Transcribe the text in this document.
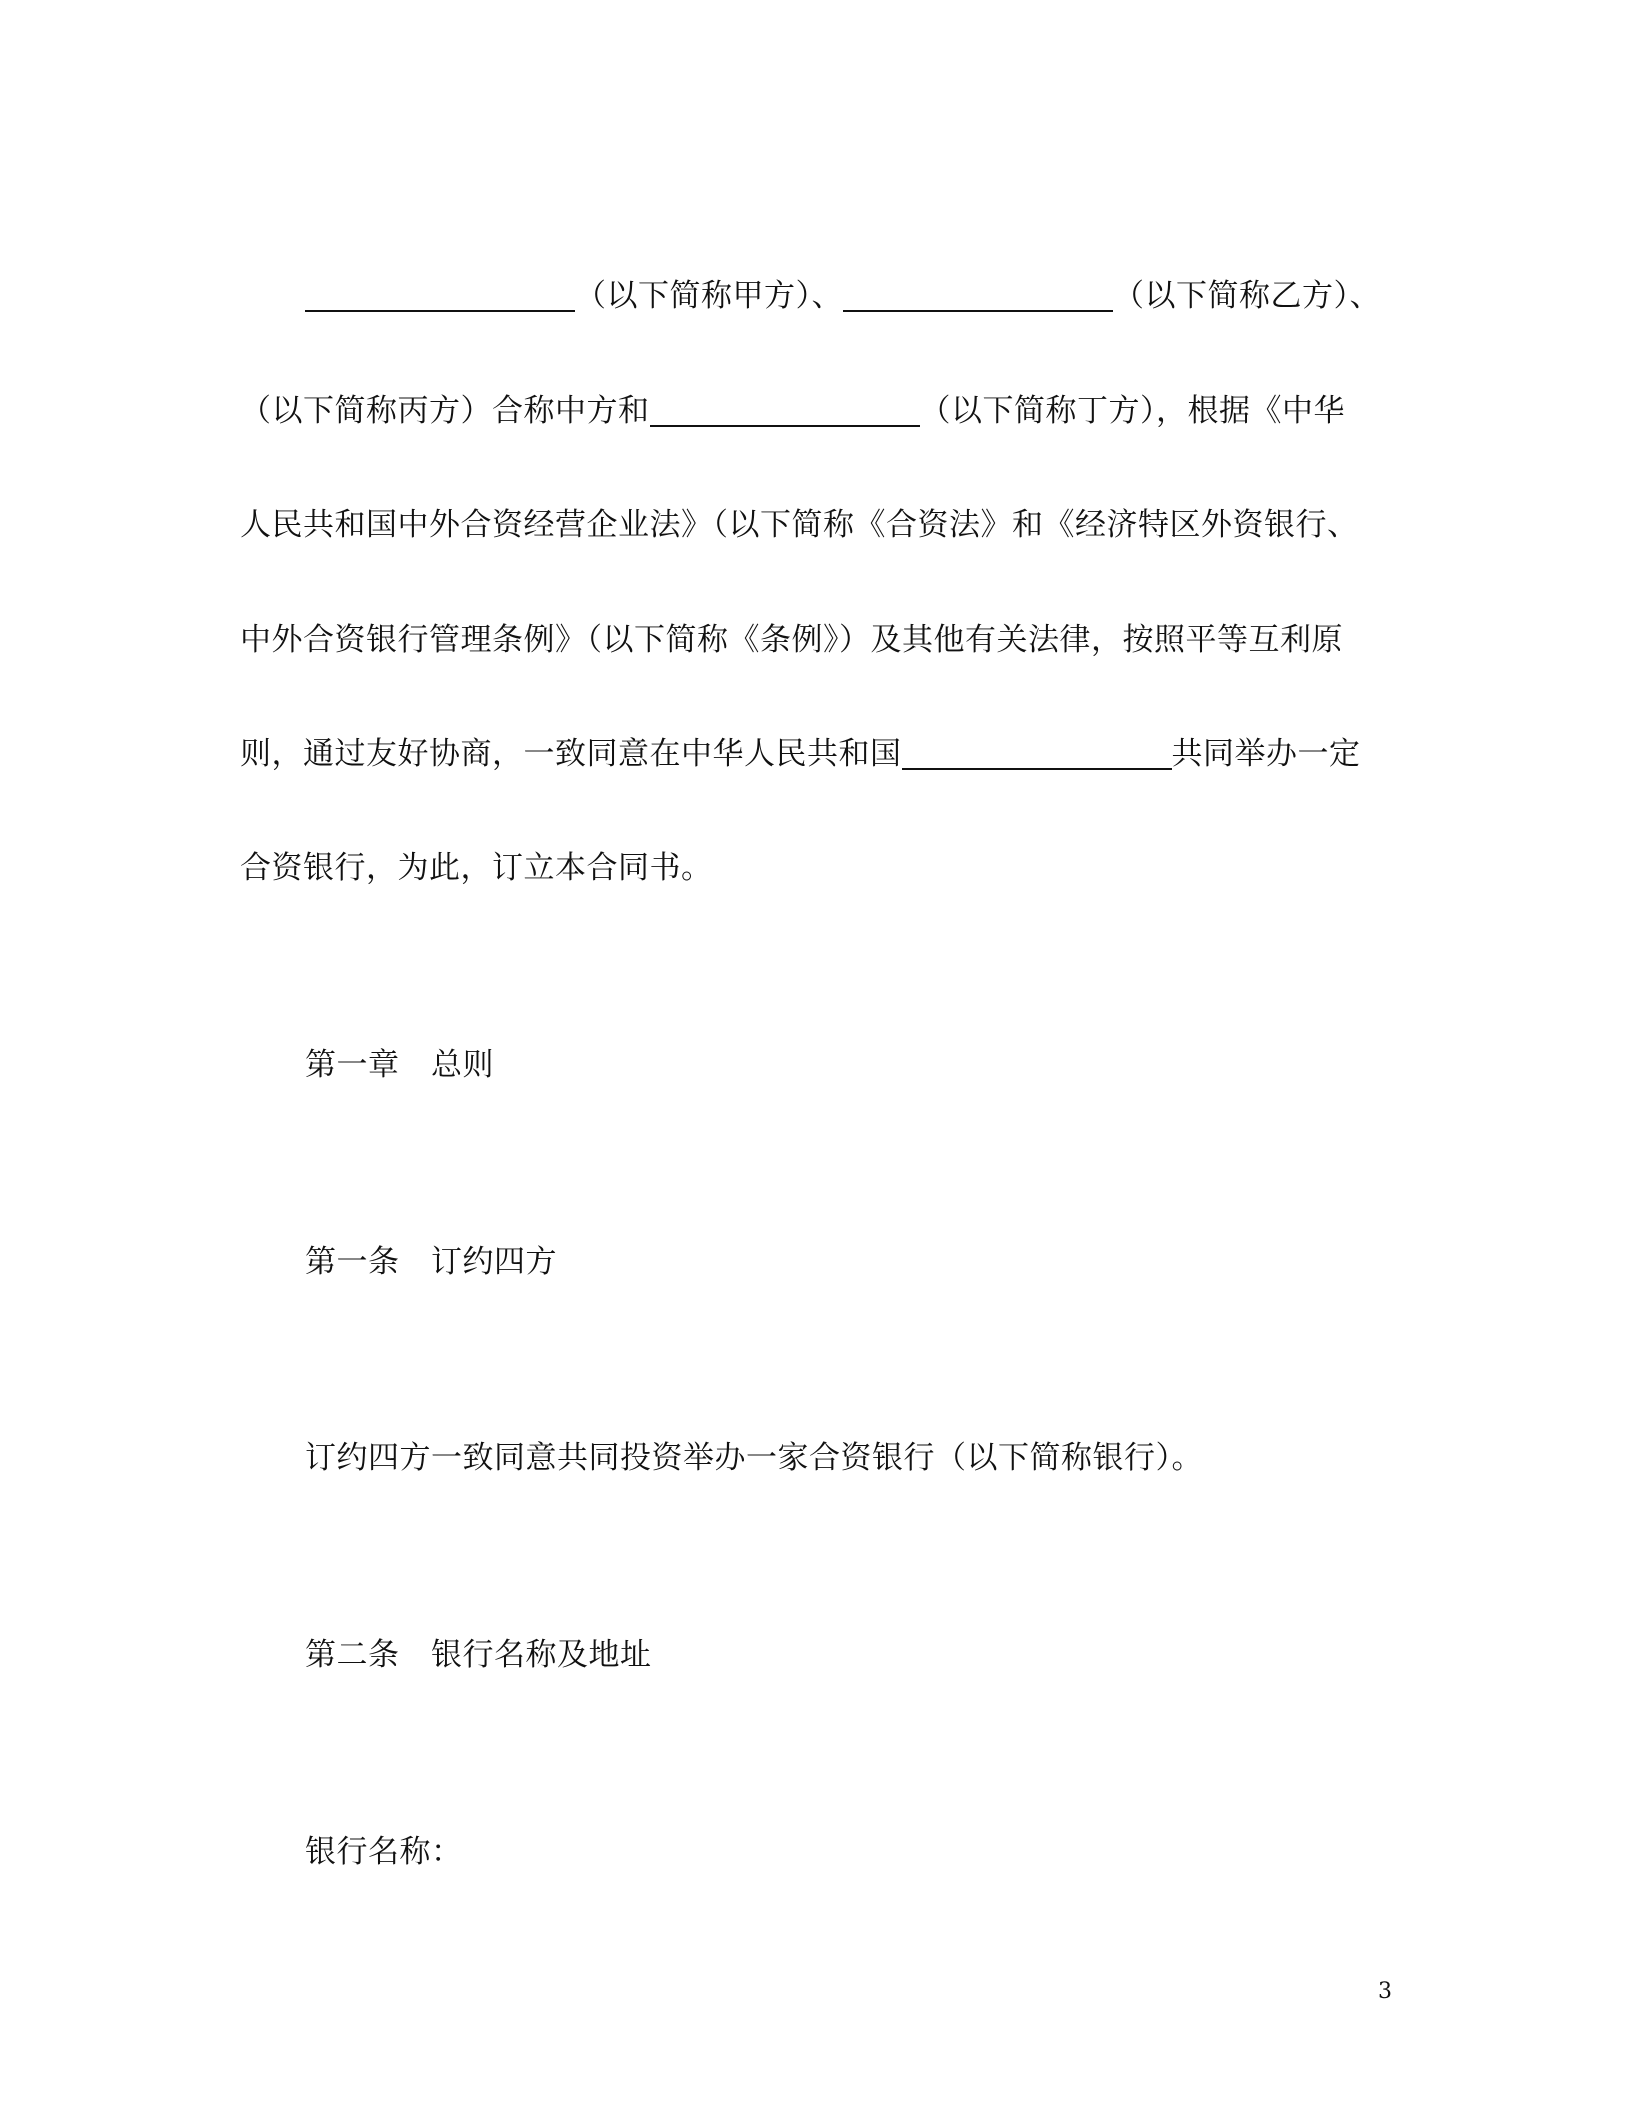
（以下简称甲方）、	（以下简称乙方）、
（以下简称丙方）合称中方和	（以下简称丁方），根据《中华
人民共和国中外合资经营企业法》（以下简称《合资法》和《经济特区外资银行、
中外合资银行管理条例》（以下简称《条例》）及其他有关法律，按照平等互利原
则，通过友好协商，一致同意在中华人民共和国	共同举办一定
合资银行，为此，订立本合同书。
第一章　总则
第一条　订约四方
订约四方一致同意共同投资举办一家合资银行（以下简称银行）。
第二条　银行名称及地址
银行名称：
3
